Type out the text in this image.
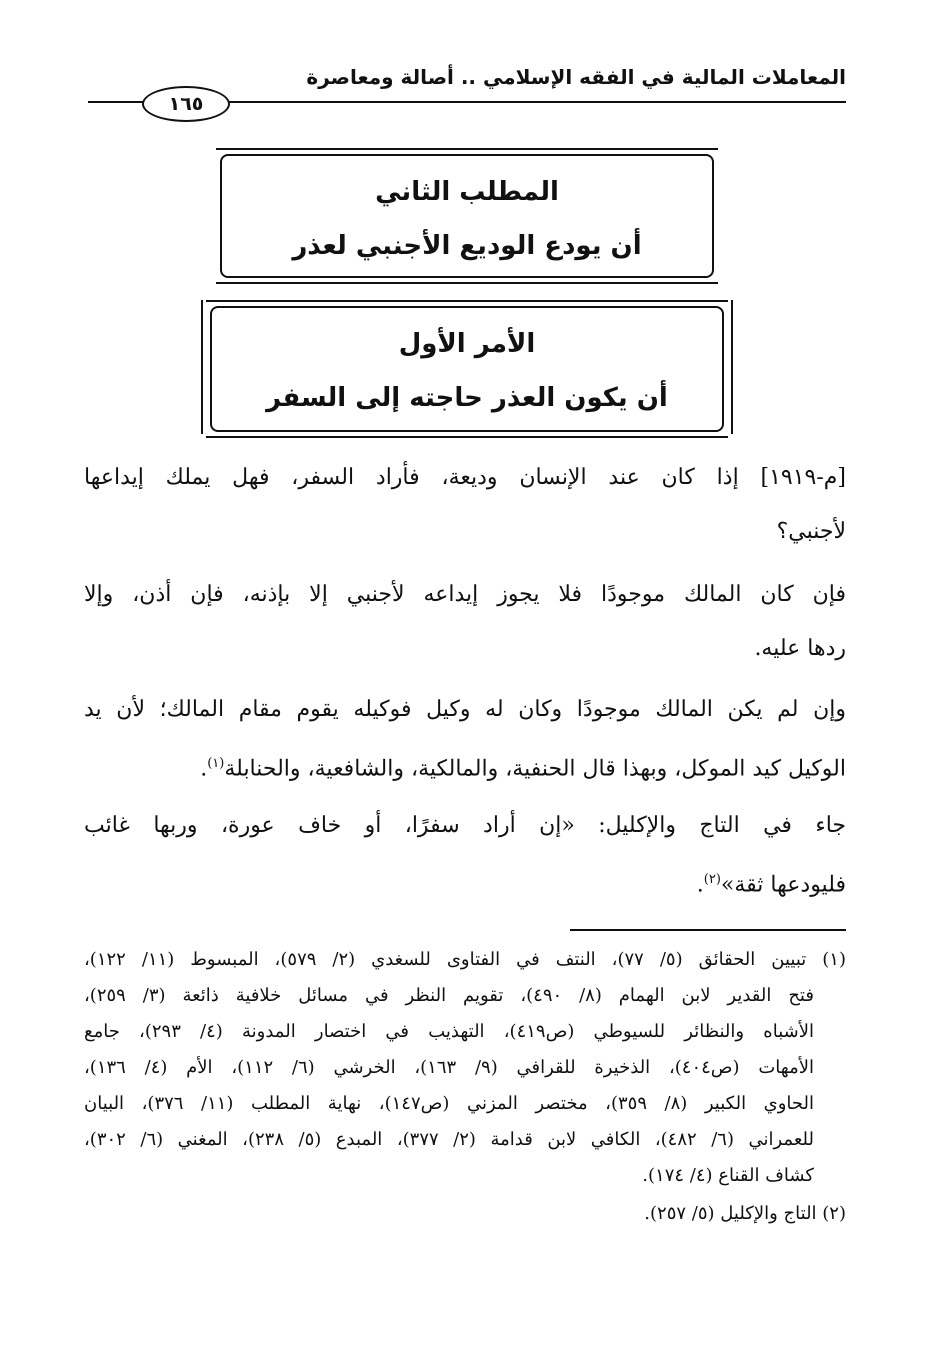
المعاملات المالية في الفقه الإسلامي .. أصالة ومعاصرة
١٦٥
المطلب الثاني
أن يودع الوديع الأجنبي لعذر
الأمر الأول
أن يكون العذر حاجته إلى السفر
[م-١٩١٩] إذا كان عند الإنسان وديعة، فأراد السفر، فهل يملك إيداعها
لأجنبي؟
فإن كان المالك موجودًا فلا يجوز إيداعه لأجنبي إلا بإذنه، فإن أذن، وإلا
ردها عليه.
وإن لم يكن المالك موجودًا وكان له وكيل فوكيله يقوم مقام المالك؛ لأن يد
الوكيل كيد الموكل، وبهذا قال الحنفية، والمالكية، والشافعية، والحنابلة$^{(١)}$.
جاء في التاج والإكليل: «إن أراد سفرًا، أو خاف عورة، وربها غائب
فليودعها ثقة»$^{(٢)}$.
(١) تبيين الحقائق (٥/ ٧٧)، النتف في الفتاوى للسغدي (٢/ ٥٧٩)، المبسوط (١١/ ١٢٢)،
فتح القدير لابن الهمام (٨/ ٤٩٠)، تقويم النظر في مسائل خلافية ذائعة (٣/ ٢٥٩)،
الأشباه والنظائر للسيوطي (ص٤١٩)، التهذيب في اختصار المدونة (٤/ ٢٩٣)، جامع
الأمهات (ص٤٠٤)، الذخيرة للقرافي (٩/ ١٦٣)، الخرشي (٦/ ١١٢)، الأم (٤/ ١٣٦)،
الحاوي الكبير (٨/ ٣٥٩)، مختصر المزني (ص١٤٧)، نهاية المطلب (١١/ ٣٧٦)، البيان
للعمراني (٦/ ٤٨٢)، الكافي لابن قدامة (٢/ ٣٧٧)، المبدع (٥/ ٢٣٨)، المغني (٦/ ٣٠٢)،
كشاف القناع (٤/ ١٧٤).
(٢) التاج والإكليل (٥/ ٢٥٧).
